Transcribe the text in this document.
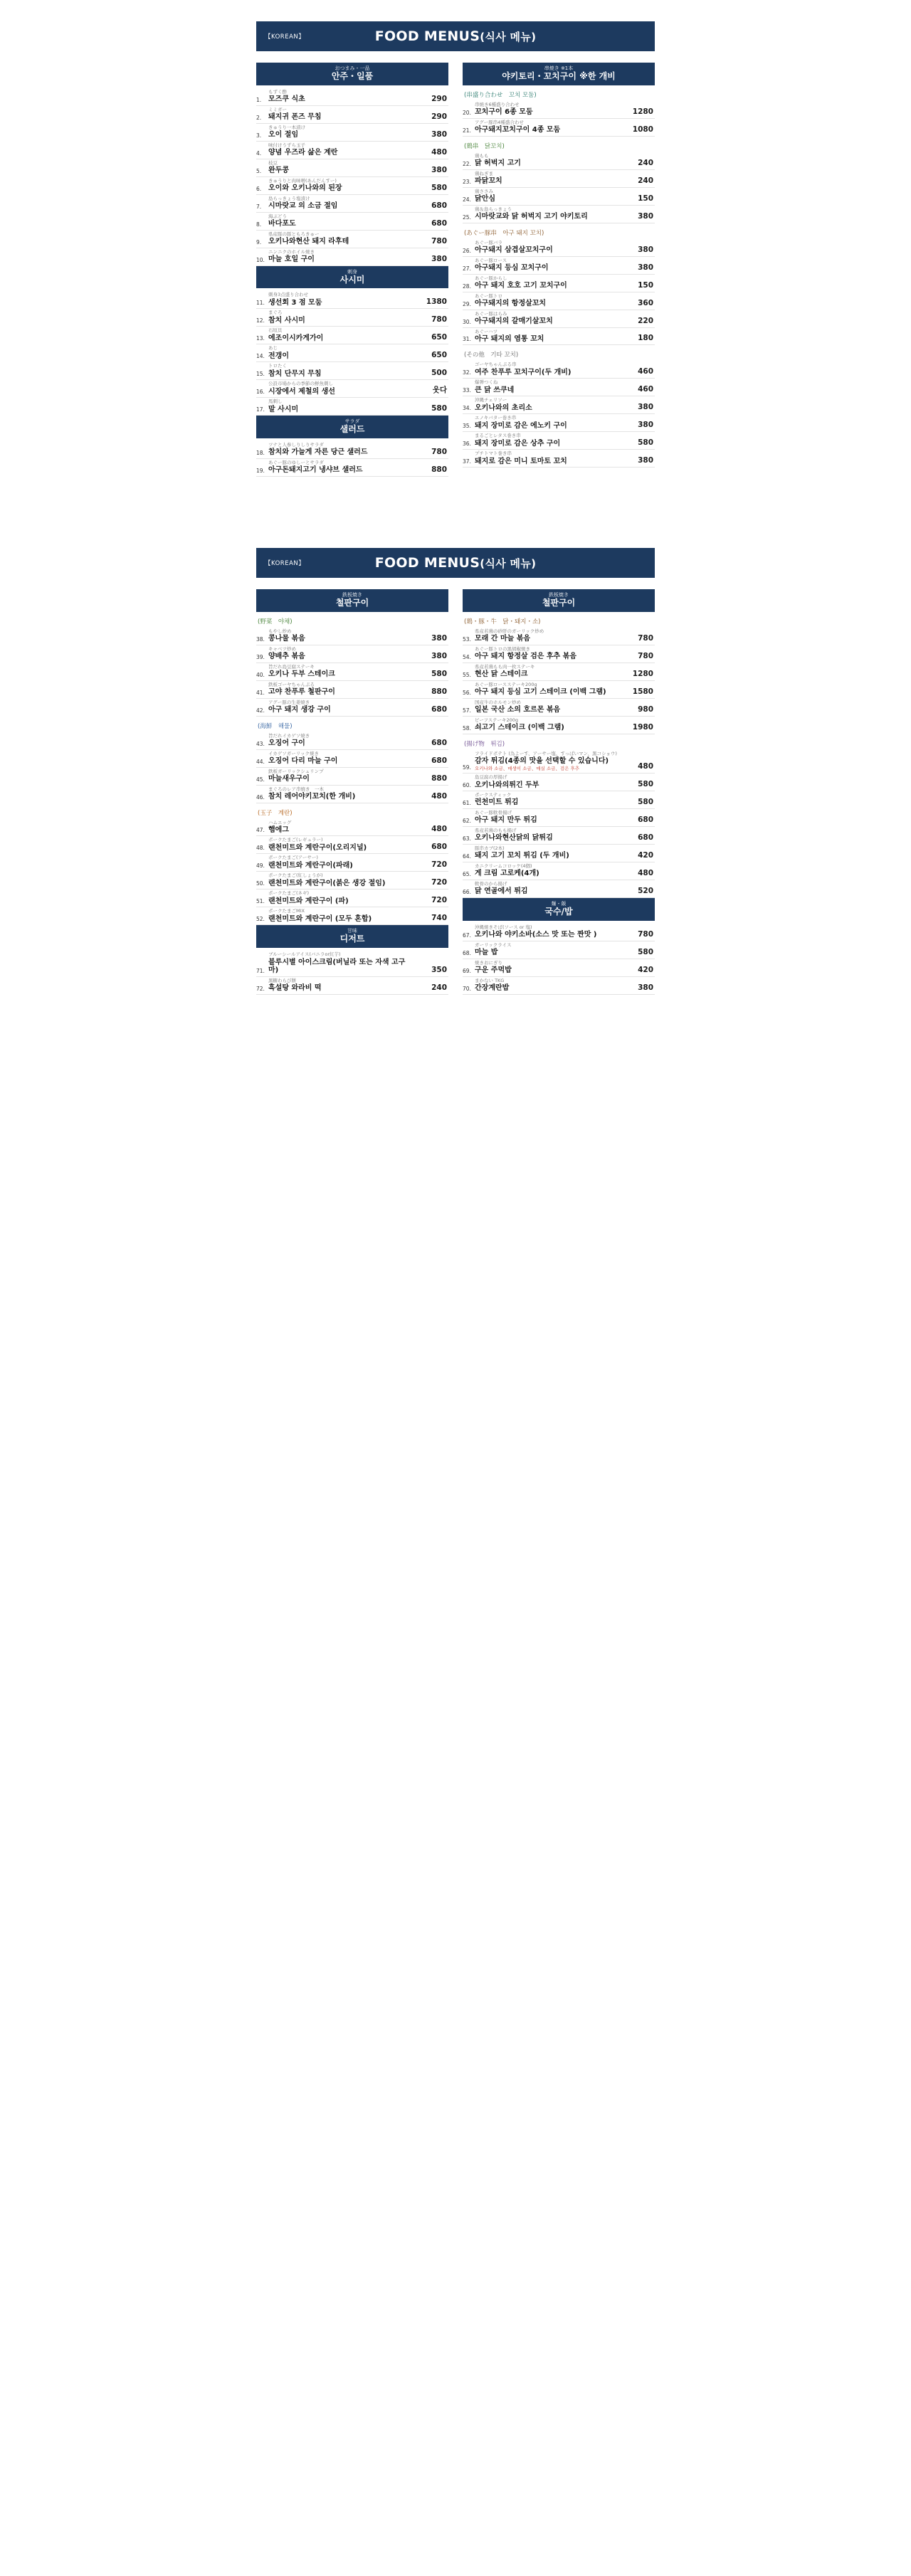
【KOREAN】	FOOD MENUS(식사 메뉴)
おつまみ・一品
안주・일품
1.
もずく酢
모즈쿠 식초	290
2.
ミミガー
돼지귀 폰즈 무침	290
3.
きゅうり一本漬け
오이 절임	380
4.
味付けうずら玉子
양념 우즈라 삶은 계란	480
5.
枝豆
완두콩	380
6.
きゅうりと肉味噌(あんだんすー)
오이와 오키나와의 된장	580
7.
島らっきょう塩漬け
시마랏교 의 소금 절임	680
8.
海ぶどう
바다포도	680
9.
県産豚の豚ともろきゅー
오키나와현산 돼지 라후테	780
10.
ニンニクのホイル焼き
마늘 호일 구이	380
刺身
사시미
11.
刺身3点盛り合わせ
생선회 3 점 모둠	1380
12.
まぐろ
참치 사시미	780
13.
石垣貝
에조이시카게가이	650
14.
あじ
전갱이	650
15.
トロたく
참치 단무지 무침	500
16.
公設市場からの季節の鮮魚刺し
시장에서 제철의 생선	웃다
17.
馬刺し
말 사시미	580
サラダ
샐러드
18.
ツナと人参しりしりサラダ
참치와 가늘게 자른 당근 샐러드	780
19.
あぐー豚のゆしーとサラダ
아구돈돼지고기 냉샤브 샐러드	880
串焼き ※1本
야키토리・꼬치구이 ※한 개비
(串盛り合わせ　꼬치 모둠)
20.
串焼き6種盛り合わせ
꼬치구이 6종 모둠	1280
21.
アグー豚串4種盛合わせ
아구돼지꼬치구이 4종 모둠	1080
(鶏串　닭꼬치)
22.
鶏もも
닭 허벅지 고기	240
23.
鶏ねぎま
파닭꼬치	240
24.
鶏ささみ
닭안심	150
25.
鶏＆島らっきょう
시마랏교와 닭 허벅지 고기 야키토리	380
(あぐー豚串　아구 돼지 꼬치)
26.
あぐー豚バラ
아구돼지 삼겹살꼬치구이	380
27.
あぐー豚ロース
아구돼지 등심 꼬치구이	380
28.
あぐー豚からし
아구 돼지 호호 고기 꼬치구이	150
29.
あぐー豚トロ
아구돼지의 항정살꼬치	360
30.
あぐー豚はらみ
아구돼지의 갈매기살꼬치	220
31.
あぐーハツ
아구 돼지의 염통 꼬치	180
(その他　기타 꼬치)
32.
ゴーヤちゃんぷる串
여주 찬푸루 꼬치구이(두 개비)	460
33.
爆弾つくね
큰 닭 쓰쿠네	460
34.
沖縄チェリソー
오키나와의 초리소	380
35.
エノキバター巻き串
돼지 장미로 감은 에노키 구이	380
36.
まるごとレタス巻き串
돼지 장미로 감은 상추 구이	580
37.
プチトマト巻き串
돼지로 감은 미니 토마토 꼬치	380
【KOREAN】	FOOD MENUS(식사 메뉴)
鉄板焼き
철판구이
(野菜　야채)
38.
もやし炒め
콩나물 볶음	380
39.
キャベツ炒め
양배추 볶음	380
40.
旨だれ島豆腐ステーキ
오키나 두부 스테이크	580
41.
鉄板ゴーヤちゃんぷる
고야 찬푸루 철판구이	880
42.
アグー豚の生姜焼き
아구 돼지 생강 구이	680
(海鮮　해물)
43.
旨だれイカゲソ焼き
오징어 구이	680
44.
イカゲソガーリック焼き
오징어 다리 마늘 구이	680
45.
鉄板ガーリックシュリンプ
마늘새우구이	880
46.
まぐろのレア串焼き　一本
참치 레어야키꼬치(한 개비)	480
(玉子　계란)
47.
ハムエッグ
햄에그	480
48.
ポークたまご(レギュラー)
랜천미트와 계란구이(오리지널)	680
49.
ポークたまご(アーサー)
랜천미트와 계란구이(파래)	720
50.
ポークたまご(紅しょうが)
랜천미트와 계란구이(붉은 생강 절임)	720
51.
ポークたまご(ネギ)
랜천미트와 계란구이 (파)	720
52.
ポークたまごMIX
랜천미트와 계란구이 (모두 혼합)	740
甘味
디저트
71.
ブルーシールアイス(バニラor紅芋)
블루시별 아이스크림(버닐라 또는 자색 고구마)	350
72.
黒糖わらび餅
흑설탕 와라비 떡	240
鉄板焼き
철판구이
(鶏・豚・牛　닭・돼지・소)
53.
県産若鶏の砂肝のガーリック炒め
모래 간 마늘 볶음	780
54.
あぐー豚トロの黒胡椒焼き
아구 돼지 항정살 검은 후추 볶음	780
55.
県産若鶏もも肉一枚ステーキ
현산 닭 스테이크	1280
56.
あぐー豚ロースステーキ200g
아구 돼지 등심 고기 스테이크 (이백 그램)	1580
57.
国産牛のホルモン炒め
일본 국산 소의 호르몬 볶음	980
58.
ビーフステーキ200g
쇠고기 스테이크 (이백 그램)	1980
(揚げ物　튀김)
59.
フライドポテト (為よーす、アーサー塩、すっぱいマン、黒コショウ)
감자 튀김(4종의 맛을 선택할 수 있습니다)
오키나와 소금、매생이 소금、매실 소금、검은 후추	480
60.
島豆腐の厚揚げ
오키나와의튀긴 두부	580
61.
ポークスティック
런천미트 튀김	580
62.
あぐー豚軟骨揚げ
아구 돼지 만두 튀김	680
63.
県産若鶏のもも揚げ
오키나와현산닭의 닭튀김	680
64.
豚串カブ(2本)
돼지 고기 꼬치 튀김 (두 개비)	420
65.
カニクリームコロッケ(4個)
게 크림 고로케(4개)	480
66.
軟骨のから揚げ
닭 연골에서 튀김	520
麺・飯
국수/밥
67.
沖縄焼きそば(ソース or 塩)
오키나와 야키소바(소스 맛 또는 짠맛 )	780
68.
ガーリックライス
마늘 밥	580
69.
焼きおにぎり
구운 주먹밥	420
70.
まかない TKG
간장계란밥	380
